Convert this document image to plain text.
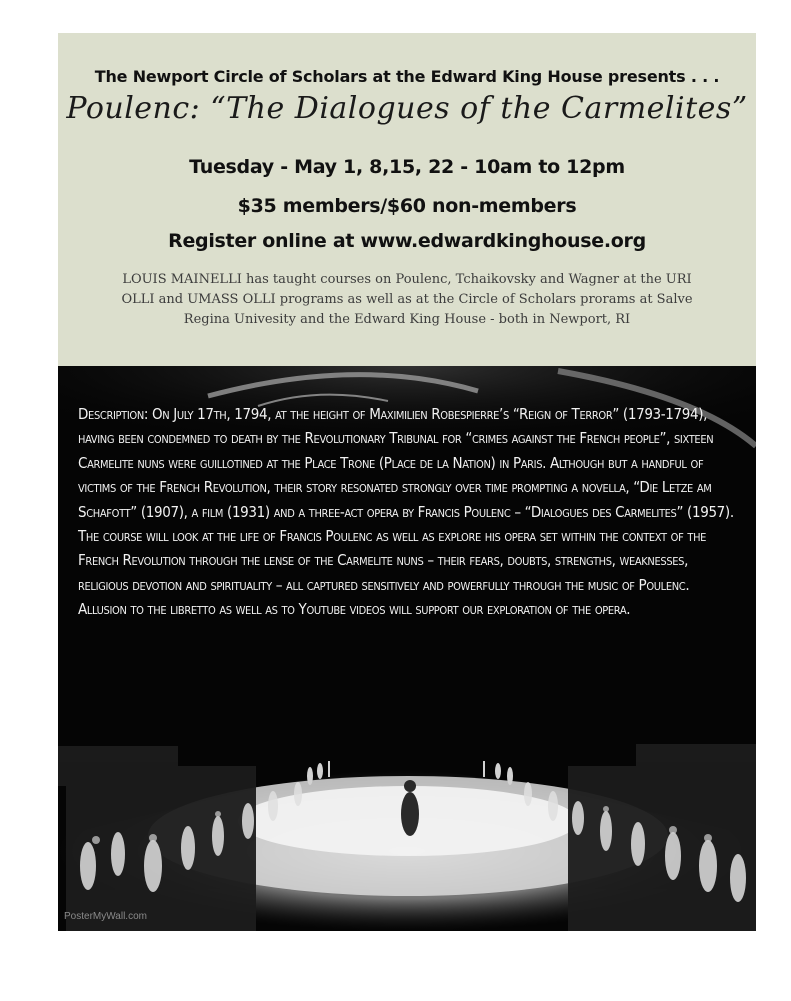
The Newport Circle of Scholars at the Edward King House presents . . .
Poulenc: “The Dialogues of the Carmelites”
Tuesday - May 1, 8,15, 22 - 10am to 12pm
$35 members/$60 non-members
Register online at www.edwardkinghouse.org
LOUIS MAINELLI has taught courses on Poulenc, Tchaikovsky and Wagner at the URI OLLI and UMASS OLLI programs as well as at the Circle of Scholars prorams at Salve Regina Univesity and the Edward King House - both in Newport, RI
Description: On July 17th, 1794, at the height of Maximilien Robespierre’s “Reign of Terror” (1793-1794), having been condemned to death by the Revolutionary Tribunal for “crimes against the French people”, sixteen Carmelite nuns were guillotined at the Place Trone (Place de la Nation) in Paris. Although but a handful of victims of the French Revolution, their story resonated strongly over time prompting a novella, “Die Letze am Schafott” (1907), a film (1931) and a three-act opera by Francis Poulenc – “Dialogues des Carmelites” (1957). The course will look at the life of Francis Poulenc as well as explore his opera set within the context of the French Revolution through the lense of the Carmelite nuns – their fears, doubts, strengths, weaknesses, religious devotion and spirituality – all captured sensitively and powerfully through the music of Poulenc. Allusion to the libretto as well as to Youtube videos will support our exploration of the opera.
PosterMyWall.com
